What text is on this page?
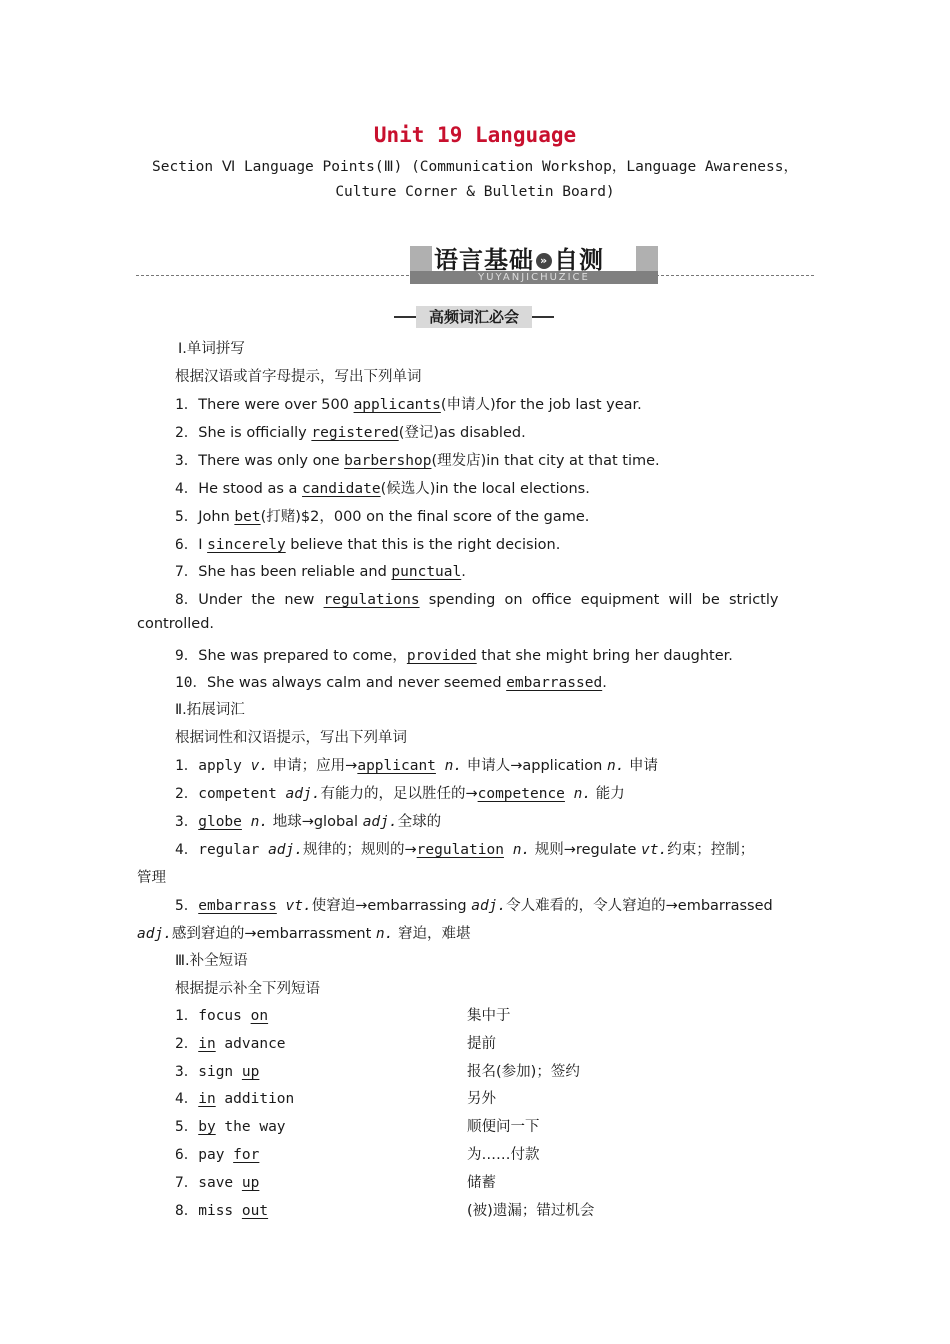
Unit 19 Language
Section Ⅵ Language Points(Ⅲ) (Communication Workshop，Language Awareness，
Culture Corner & Bulletin Board)
YUYANJICHUZICE
语言基础 » 自测
高频词汇必会
Ⅰ.单词拼写
根据汉语或首字母提示，写出下列单词
1．There were over 500 applicants(申请人)for the job last year.
2．She is officially registered(登记)as disabled.
3．There was only one barbershop(理发店)in that city at that time.
4．He stood as a candidate(候选人)in the local elections.
5．John bet(打赌)$2，000 on the final score of the game.
6．I sincerely believe that this is the right decision.
7．She has been reliable and punctual.
8．Under  the  new  regulations  spending  on  office  equipment  will  be  strictly
controlled.
9．She was prepared to come，provided that she might bring her daughter.
10．She was always calm and never seemed embarrassed.
Ⅱ.拓展词汇
根据词性和汉语提示，写出下列单词
1．apply v. 申请；应用→applicant n. 申请人→application n. 申请
2．competent adj.有能力的，足以胜任的→competence n. 能力
3．globe n. 地球→global adj.全球的
4．regular adj.规律的；规则的→regulation n. 规则→regulate vt.约束；控制；
管理
5．embarrass vt.使窘迫→embarrassing adj.令人难看的，令人窘迫的→embarrassed
adj.感到窘迫的→embarrassment n. 窘迫，难堪
Ⅲ.补全短语
根据提示补全下列短语
1．focus on	集中于
2．in advance	提前
3．sign up	报名(参加)；签约
4．in addition	另外
5．by the way	顺便问一下
6．pay for	为……付款
7．save up	储蓄
8．miss out	(被)遗漏；错过机会
